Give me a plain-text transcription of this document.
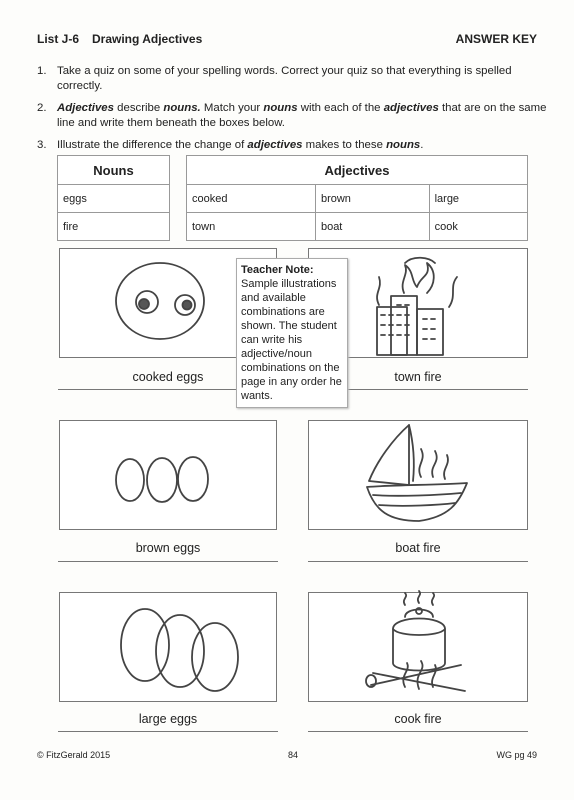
List J-6 Drawing Adjectives	ANSWER KEY
1. Take a quiz on some of your spelling words. Correct your quiz so that everything is spelled correctly.
2. Adjectives describe nouns. Match your nouns with each of the adjectives that are on the same line and write them beneath the boxes below.
3. Illustrate the difference the change of adjectives makes to these nouns.
Nouns
eggs
fire
Adjectives		
cooked	brown	large
town	boat	cook
cooked eggs	town fire
Teacher Note:
Sample illustrations and available combinations are shown. The student can write his adjective/noun combinations on the page in any order he wants.
brown eggs	boat fire
large eggs	cook fire
© FitzGerald 2015	84	WG pg 49
